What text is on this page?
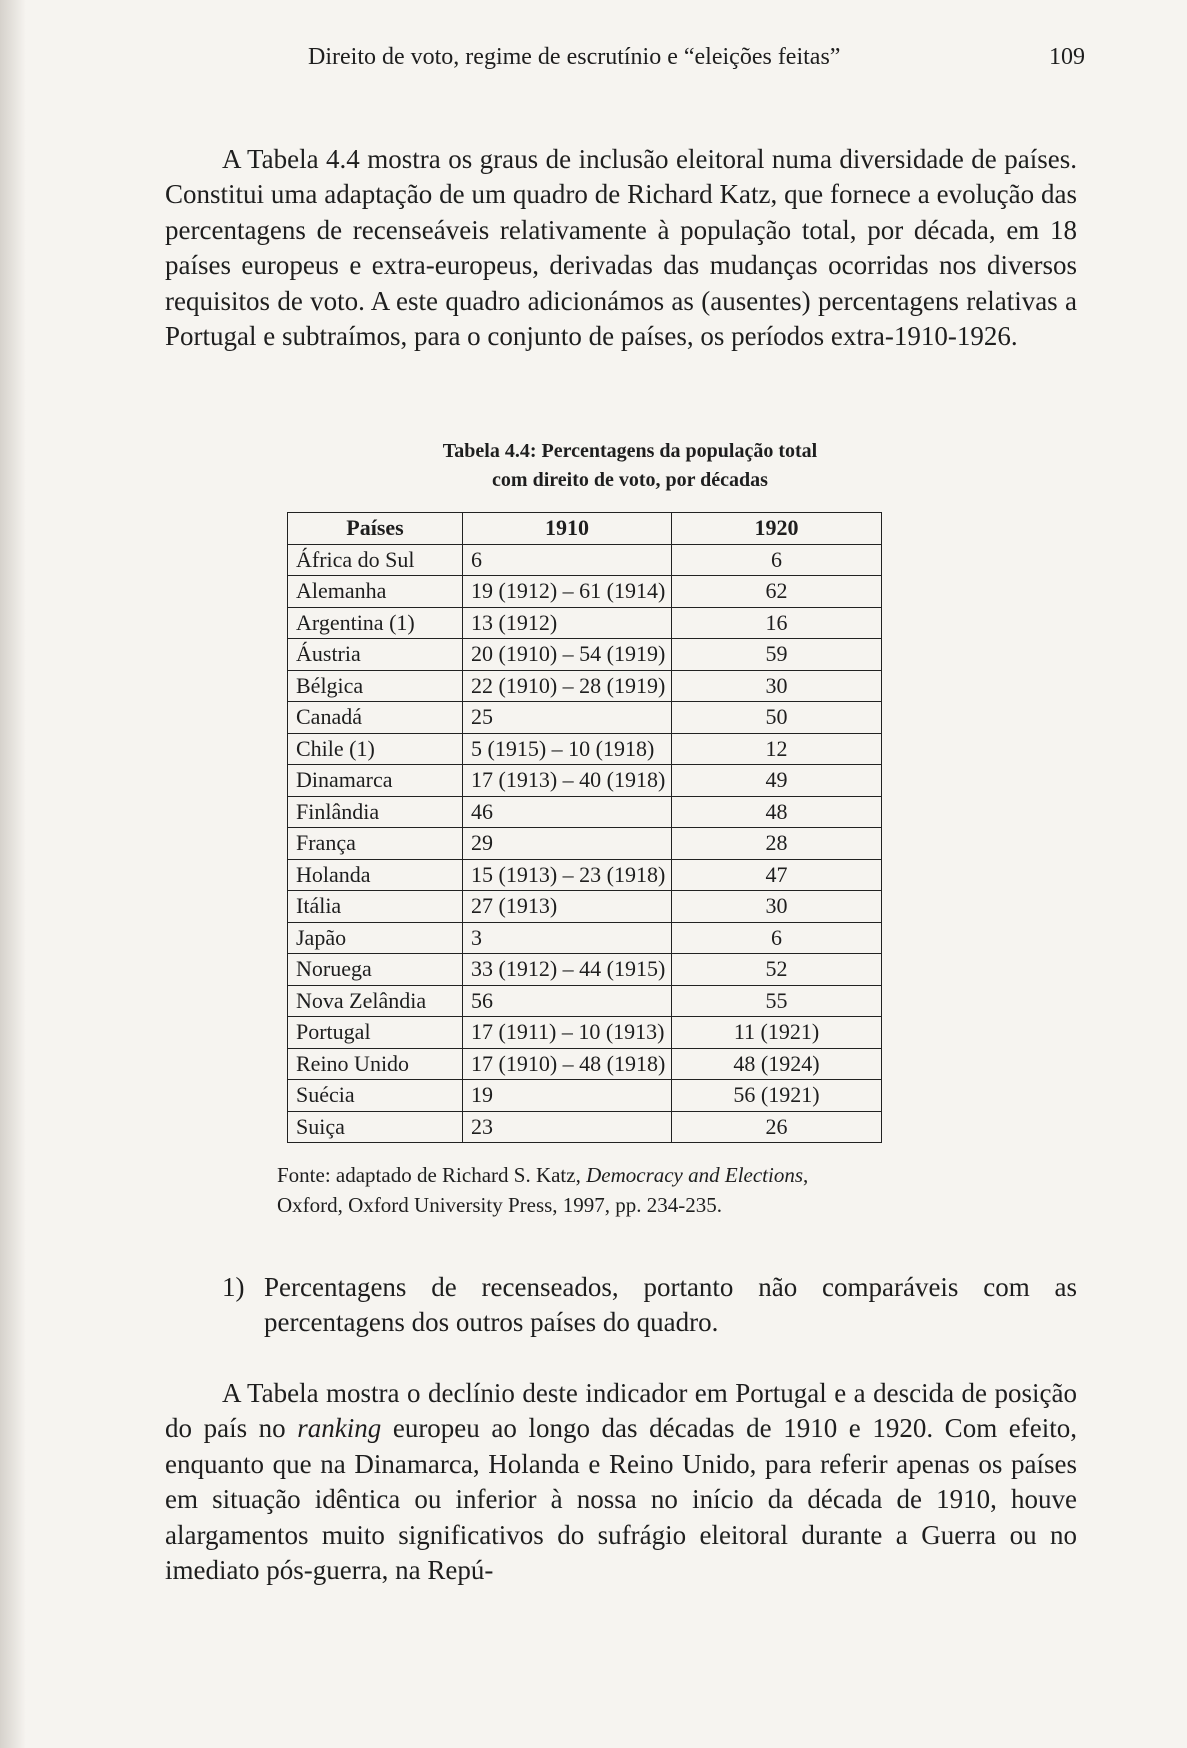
Direito de voto, regime de escrutínio e “eleições feitas”	109

A Tabela 4.4 mostra os graus de inclusão eleitoral numa diversidade de países. Constitui uma adaptação de um quadro de Richard Katz, que fornece a evolução das percentagens de recenseáveis relativamente à população total, por década, em 18 países europeus e extra-europeus, derivadas das mudanças ocorridas nos diversos requisitos de voto. A este quadro adicionámos as (ausentes) percentagens relativas a Portugal e subtraímos, para o conjunto de países, os períodos extra-1910-1926.

Tabela 4.4: Percentagens da população total
com direito de voto, por décadas
Países	1910	1920
África do Sul	6	6
Alemanha	19 (1912) – 61 (1914)	62
Argentina (1)	13 (1912)	16
Áustria	20 (1910) – 54 (1919)	59
Bélgica	22 (1910) – 28 (1919)	30
Canadá	25	50
Chile (1)	5 (1915) – 10 (1918)	12
Dinamarca	17 (1913) – 40 (1918)	49
Finlândia	46	48
França	29	28
Holanda	15 (1913) – 23 (1918)	47
Itália	27 (1913)	30
Japão	3	6
Noruega	33 (1912) – 44 (1915)	52
Nova Zelândia	56	55
Portugal	17 (1911) – 10 (1913)	11 (1921)
Reino Unido	17 (1910) – 48 (1918)	48 (1924)
Suécia	19	56 (1921)
Suiça	23	26
Fonte: adaptado de Richard S. Katz, Democracy and Elections,
Oxford, Oxford University Press, 1997, pp. 234-235.
1) Percentagens de recenseados, portanto não comparáveis com as percentagens dos outros países do quadro.

A Tabela mostra o declínio deste indicador em Portugal e a descida de posição do país no ranking europeu ao longo das décadas de 1910 e 1920. Com efeito, enquanto que na Dinamarca, Holanda e Reino Unido, para referir apenas os países em situação idêntica ou inferior à nossa no início da década de 1910, houve alargamentos muito significativos do sufrágio eleitoral durante a Guerra ou no imediato pós-guerra, na Repú-
